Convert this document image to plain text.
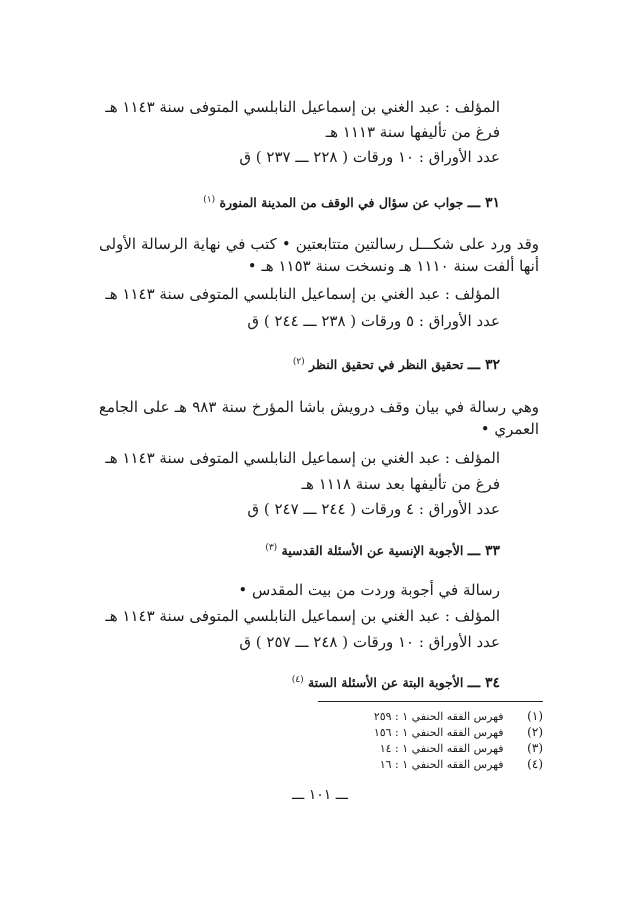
المؤلف : عبد الغني بن إسماعيل النابلسي المتوفى سنة ١١٤٣ هـ
فرغ من تأليفها سنة ١١١٣ هـ
عدد الأوراق : ١٠ ورقات ( ٢٢٨ ـــ ٢٣٧ ) ق
٣١ ـــ جواب عن سؤال في الوقف من المدينة المنورة $^{(١)}$
وقد ورد على شكـــل رسالتين متتابعتين • كتب في نهاية الرسالة الأولى أنها ألفت سنة ١١١٠ هـ ونسخت سنة ١١٥٣ هـ •
المؤلف : عبد الغني بن إسماعيل النابلسي المتوفى سنة ١١٤٣ هـ
عدد الأوراق : ٥ ورقات ( ٢٣٨ ـــ ٢٤٤ ) ق
٣٢ ـــ تحقيق النظر في تحقيق النظر $^{(٢)}$
وهي رسالة في بيان وقف درويش باشا المؤرخ سنة ٩٨٣ هـ على الجامع العمري •
المؤلف : عبد الغني بن إسماعيل النابلسي المتوفى سنة ١١٤٣ هـ
فرغ من تأليفها بعد سنة ١١١٨ هـ
عدد الأوراق : ٤ ورقات ( ٢٤٤ ـــ ٢٤٧ ) ق
٣٣ ـــ الأجوبة الإنسية عن الأسئلة القدسية $^{(٣)}$
رسالة في أجوبة وردت من بيت المقدس •
المؤلف : عبد الغني بن إسماعيل النابلسي المتوفى سنة ١١٤٣ هـ
عدد الأوراق : ١٠ ورقات ( ٢٤٨ ـــ ٢٥٧ ) ق
٣٤ ـــ الأجوبة البتة عن الأسئلة الستة $^{(٤)}$
(١) فهرس الفقه الحنفي ١ : ٢٥٩
(٢) فهرس الفقه الحنفي ١ : ١٥٦
(٣) فهرس الفقه الحنفي ١ : ١٤
(٤) فهرس الفقه الحنفي ١ : ١٦
ـــ ١٠١ ـــ
